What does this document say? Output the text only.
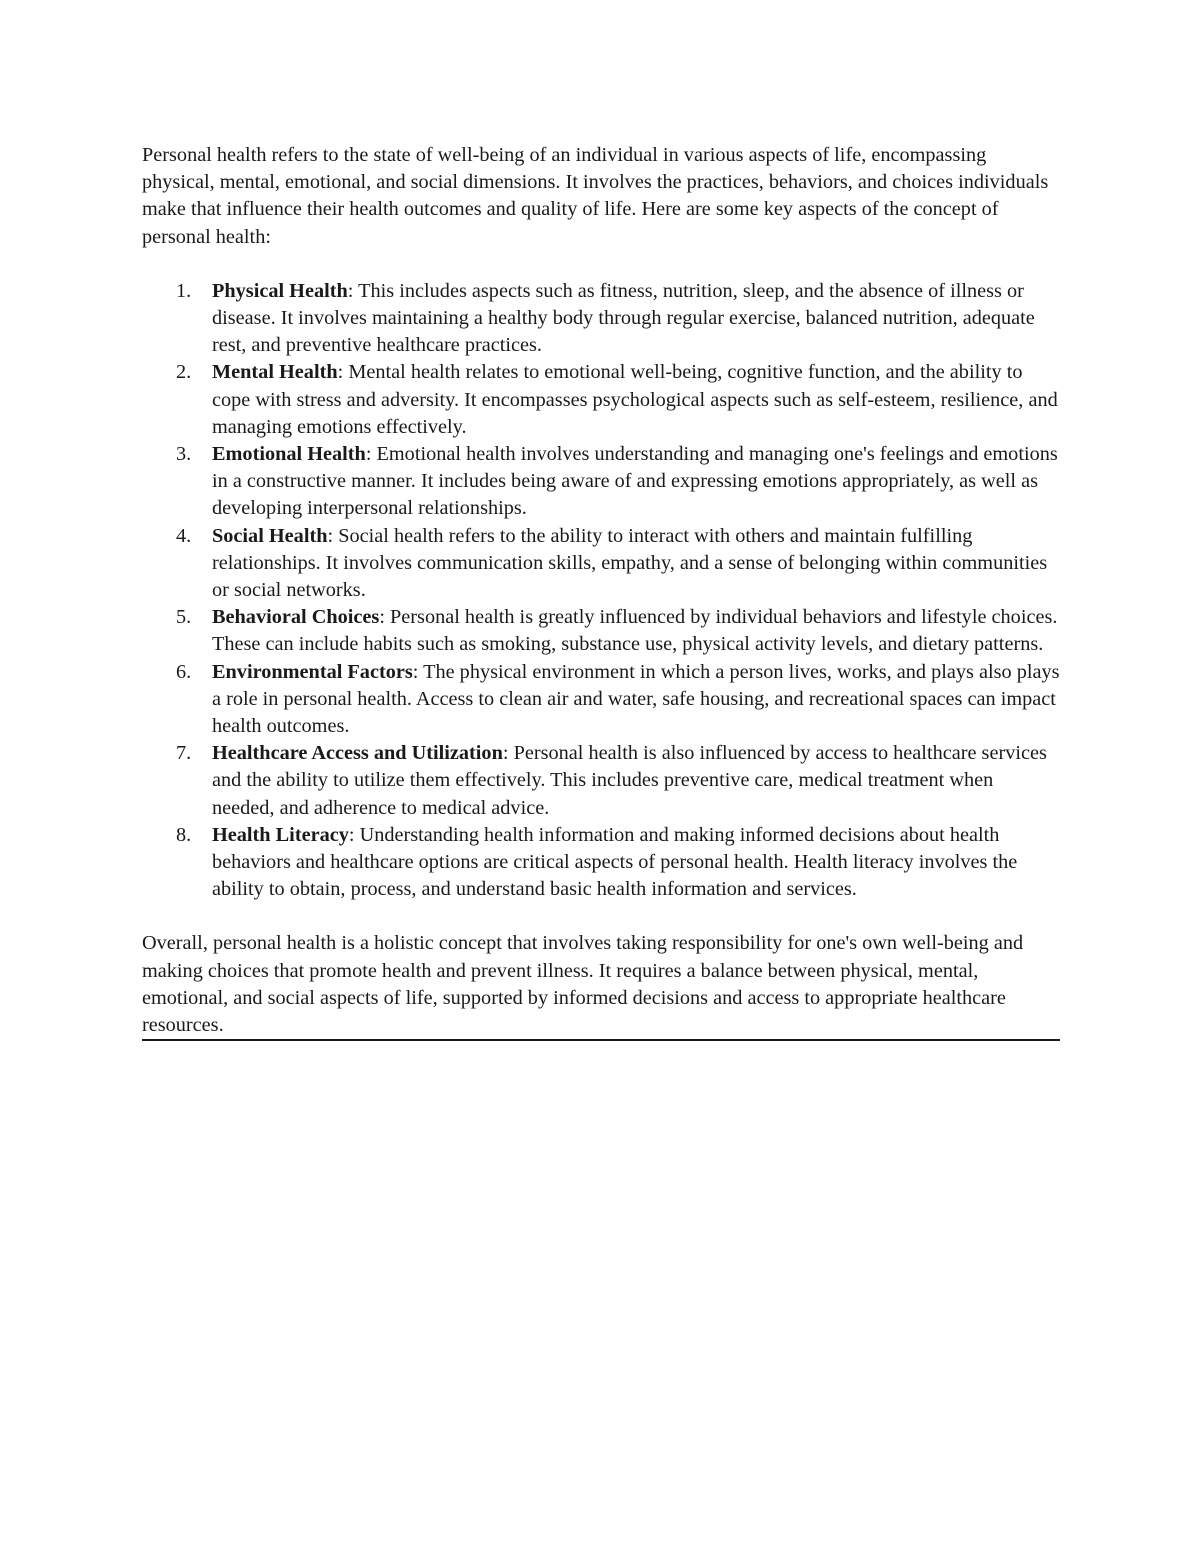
Personal health refers to the state of well-being of an individual in various aspects of life, encompassing physical, mental, emotional, and social dimensions. It involves the practices, behaviors, and choices individuals make that influence their health outcomes and quality of life. Here are some key aspects of the concept of personal health:

1. Physical Health: This includes aspects such as fitness, nutrition, sleep, and the absence of illness or disease. It involves maintaining a healthy body through regular exercise, balanced nutrition, adequate rest, and preventive healthcare practices.
2. Mental Health: Mental health relates to emotional well-being, cognitive function, and the ability to cope with stress and adversity. It encompasses psychological aspects such as self-esteem, resilience, and managing emotions effectively.
3. Emotional Health: Emotional health involves understanding and managing one's feelings and emotions in a constructive manner. It includes being aware of and expressing emotions appropriately, as well as developing interpersonal relationships.
4. Social Health: Social health refers to the ability to interact with others and maintain fulfilling relationships. It involves communication skills, empathy, and a sense of belonging within communities or social networks.
5. Behavioral Choices: Personal health is greatly influenced by individual behaviors and lifestyle choices. These can include habits such as smoking, substance use, physical activity levels, and dietary patterns.
6. Environmental Factors: The physical environment in which a person lives, works, and plays also plays a role in personal health. Access to clean air and water, safe housing, and recreational spaces can impact health outcomes.
7. Healthcare Access and Utilization: Personal health is also influenced by access to healthcare services and the ability to utilize them effectively. This includes preventive care, medical treatment when needed, and adherence to medical advice.
8. Health Literacy: Understanding health information and making informed decisions about health behaviors and healthcare options are critical aspects of personal health. Health literacy involves the ability to obtain, process, and understand basic health information and services.

Overall, personal health is a holistic concept that involves taking responsibility for one's own well-being and making choices that promote health and prevent illness. It requires a balance between physical, mental, emotional, and social aspects of life, supported by informed decisions and access to appropriate healthcare resources.
